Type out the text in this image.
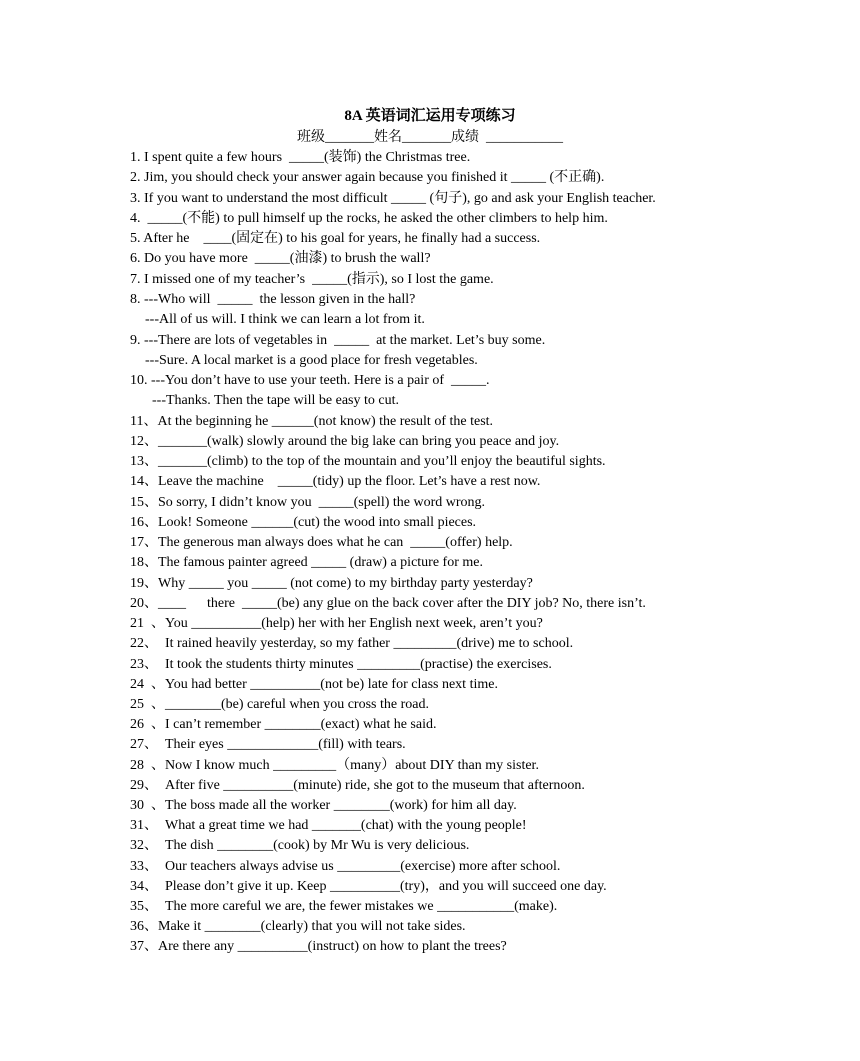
8A 英语词汇运用专项练习
班级_______姓名_______成绩  ___________
1. I spent quite a few hours  _____(装饰) the Christmas tree.
2. Jim, you should check your answer again because you finished it _____ (不正确).
3. If you want to understand the most difficult _____ (句子), go and ask your English teacher.
4.  _____(不能) to pull himself up the rocks, he asked the other climbers to help him.
5. After he    ____(固定在) to his goal for years, he finally had a success.
6. Do you have more  _____(油漆) to brush the wall?
7. I missed one of my teacher’s  _____(指示), so I lost the game.
8. ---Who will  _____  the lesson given in the hall?
---All of us will. I think we can learn a lot from it.
9. ---There are lots of vegetables in  _____  at the market. Let’s buy some.
---Sure. A local market is a good place for fresh vegetables.
10. ---You don’t have to use your teeth. Here is a pair of  _____.
---Thanks. Then the tape will be easy to cut.
11、At the beginning he ______(not know) the result of the test.
12、_______(walk) slowly around the big lake can bring you peace and joy.
13、_______(climb) to the top of the mountain and you’ll enjoy the beautiful sights.
14、Leave the machine    _____(tidy) up the floor. Let’s have a rest now.
15、So sorry, I didn’t know you  _____(spell) the word wrong.
16、Look! Someone ______(cut) the wood into small pieces.
17、The generous man always does what he can  _____(offer) help.
18、The famous painter agreed _____ (draw) a picture for me.
19、Why _____ you _____ (not come) to my birthday party yesterday?
20、____      there  _____(be) any glue on the back cover after the DIY job? No, there isn’t.
21  、You __________(help) her with her English next week, aren’t you?
22、  It rained heavily yesterday, so my father _________(drive) me to school.
23、  It took the students thirty minutes _________(practise) the exercises.
24  、You had better __________(not be) late for class next time.
25  、________(be) careful when you cross the road.
26  、I can’t remember ________(exact) what he said.
27、  Their eyes _____________(fill) with tears.
28  、Now I know much _________（many）about DIY than my sister.
29、  After five __________(minute) ride, she got to the museum that afternoon.
30  、The boss made all the worker ________(work) for him all day.
31、  What a great time we had _______(chat) with the young people!
32、  The dish ________(cook) by Mr Wu is very delicious.
33、  Our teachers always advise us _________(exercise) more after school.
34、  Please don’t give it up. Keep __________(try)，and you will succeed one day.
35、  The more careful we are, the fewer mistakes we ___________(make).
36、Make it ________(clearly) that you will not take sides.
37、Are there any __________(instruct) on how to plant the trees?
